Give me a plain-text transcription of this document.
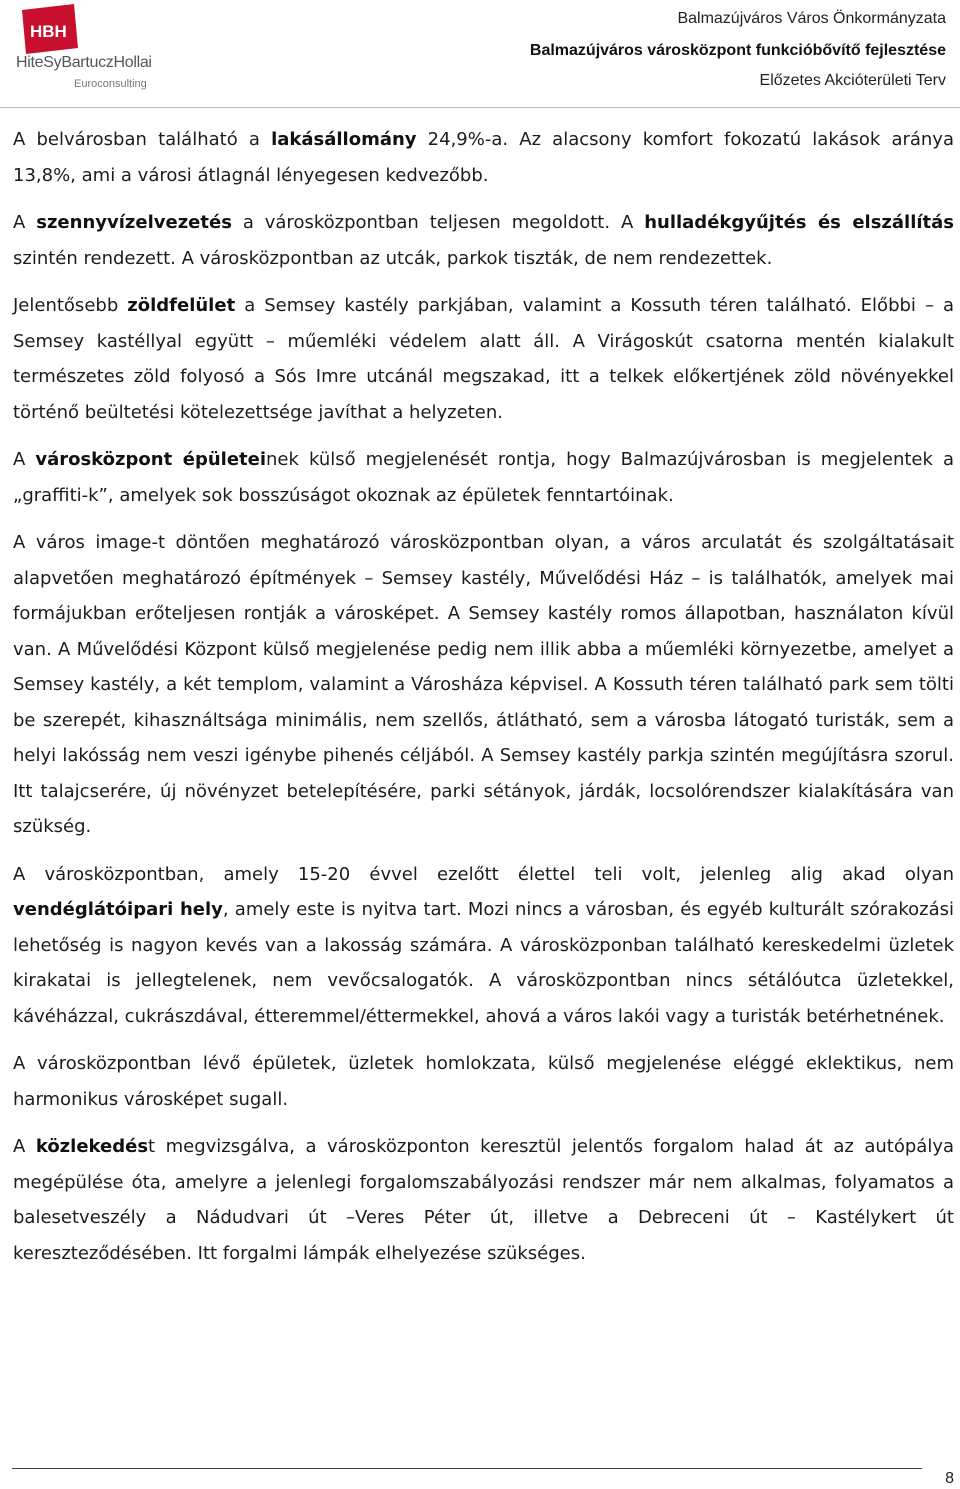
HBH
HiteSyBartuczHollai
Euroconsulting
Balmazújváros Város Önkormányzata
Balmazújváros városközpont funkcióbővítő fejlesztése
Előzetes Akcióterületi Terv

A belvárosban található a lakásállomány 24,9%-a. Az alacsony komfort fokozatú lakások aránya 13,8%, ami a városi átlagnál lényegesen kedvezőbb.

A szennyvízelvezetés a városközpontban teljesen megoldott. A hulladékgyűjtés és elszállítás szintén rendezett. A városközpontban az utcák, parkok tiszták, de nem rendezettek.

Jelentősebb zöldfelület a Semsey kastély parkjában, valamint a Kossuth téren található. Előbbi – a Semsey kastéllyal együtt – műemléki védelem alatt áll. A Virágoskút csatorna mentén kialakult természetes zöld folyosó a Sós Imre utcánál megszakad, itt a telkek előkertjének zöld növényekkel történő beültetési kötelezettsége javíthat a helyzeten.

A városközpont épületeinek külső megjelenését rontja, hogy Balmazújvárosban is megjelentek a „graffiti-k”, amelyek sok bosszúságot okoznak az épületek fenntartóinak.

A város image-t döntően meghatározó városközpontban olyan, a város arculatát és szolgáltatásait alapvetően meghatározó építmények – Semsey kastély, Művelődési Ház – is találhatók, amelyek mai formájukban erőteljesen rontják a városképet. A Semsey kastély romos állapotban, használaton kívül van. A Művelődési Központ külső megjelenése pedig nem illik abba a műemléki környezetbe, amelyet a Semsey kastély, a két templom, valamint a Városháza képvisel. A Kossuth téren található park sem tölti be szerepét, kihasználtsága minimális, nem szellős, átlátható, sem a városba látogató turisták, sem a helyi lakósság nem veszi igénybe pihenés céljából. A Semsey kastély parkja szintén megújításra szorul. Itt talajcserére, új növényzet betelepítésére, parki sétányok, járdák, locsolórendszer kialakítására van szükség.

A városközpontban, amely 15-20 évvel ezelőtt élettel teli volt, jelenleg alig akad olyan vendéglátóipari hely, amely este is nyitva tart. Mozi nincs a városban, és egyéb kulturált szórakozási lehetőség is nagyon kevés van a lakosság számára. A városközponban található kereskedelmi üzletek kirakatai is jellegtelenek, nem vevőcsalogatók. A városközpontban nincs sétálóutca üzletekkel, kávéházzal, cukrászdával, étteremmel/éttermekkel, ahová a város lakói vagy a turisták betérhetnének.

A városközpontban lévő épületek, üzletek homlokzata, külső megjelenése eléggé eklektikus, nem harmonikus városképet sugall.

A közlekedést megvizsgálva, a városközponton keresztül jelentős forgalom halad át az autópálya megépülése óta, amelyre a jelenlegi forgalomszabályozási rendszer már nem alkalmas, folyamatos a balesetveszély a Nádudvari út –Veres Péter út, illetve a Debreceni út – Kastélykert út kereszteződésében. Itt forgalmi lámpák elhelyezése szükséges.

8
